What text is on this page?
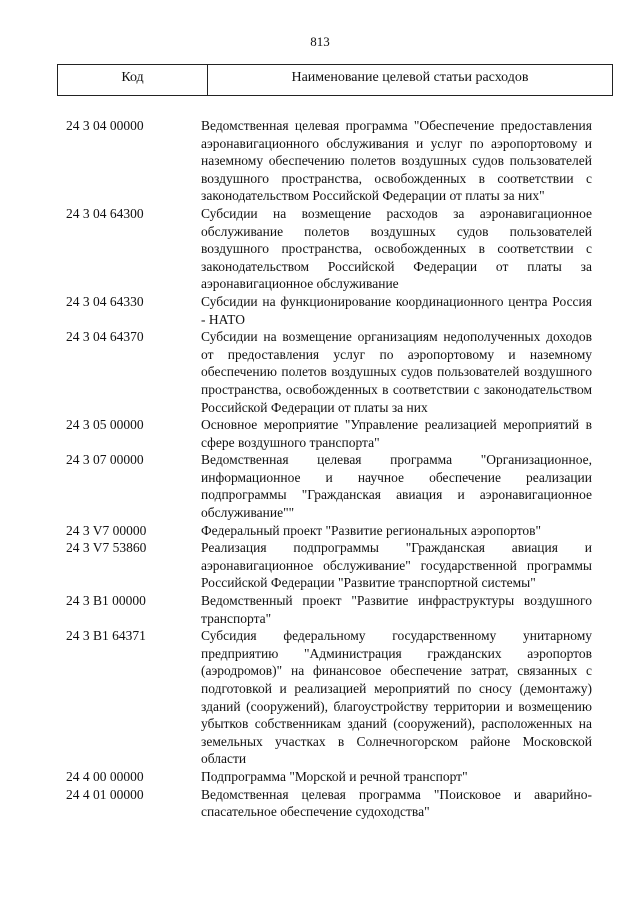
813
Код	Наименование целевой статьи расходов
24 3 04 00000	Ведомственная целевая программа "Обеспечение предоставления аэронавигационного обслуживания и услуг по аэропортовому и наземному обеспечению полетов воздушных судов пользователей воздушного пространства, освобожденных в соответствии с законодательством Российской Федерации от платы за них"
24 3 04 64300	Субсидии на возмещение расходов за аэронавигационное обслуживание полетов воздушных судов пользователей воздушного пространства, освобожденных в соответствии с законодательством Российской Федерации от платы за аэронавигационное обслуживание
24 3 04 64330	Субсидии на функционирование координационного центра Россия - НАТО
24 3 04 64370	Субсидии на возмещение организациям недополученных доходов от предоставления услуг по аэропортовому и наземному обеспечению полетов воздушных судов пользователей воздушного пространства, освобожденных в соответствии с законодательством Российской Федерации от платы за них
24 3 05 00000	Основное мероприятие "Управление реализацией мероприятий в сфере воздушного транспорта"
24 3 07 00000	Ведомственная целевая программа "Организационное, информационное и научное обеспечение реализации подпрограммы "Гражданская авиация и аэронавигационное обслуживание""
24 3 V7 00000	Федеральный проект "Развитие региональных аэропортов"
24 3 V7 53860	Реализация подпрограммы "Гражданская авиация и аэронавигационное обслуживание" государственной программы Российской Федерации "Развитие транспортной системы"
24 3 В1 00000	Ведомственный проект "Развитие инфраструктуры воздушного транспорта"
24 3 В1 64371	Субсидия федеральному государственному унитарному предприятию "Администрация гражданских аэропортов (аэродромов)" на финансовое обеспечение затрат, связанных с подготовкой и реализацией мероприятий по сносу (демонтажу) зданий (сооружений), благоустройству территории и возмещению убытков собственникам зданий (сооружений), расположенных на земельных участках в Солнечногорском районе Московской области
24 4 00 00000	Подпрограмма "Морской и речной транспорт"
24 4 01 00000	Ведомственная целевая программа "Поисковое и аварийно-спасательное обеспечение судоходства"
